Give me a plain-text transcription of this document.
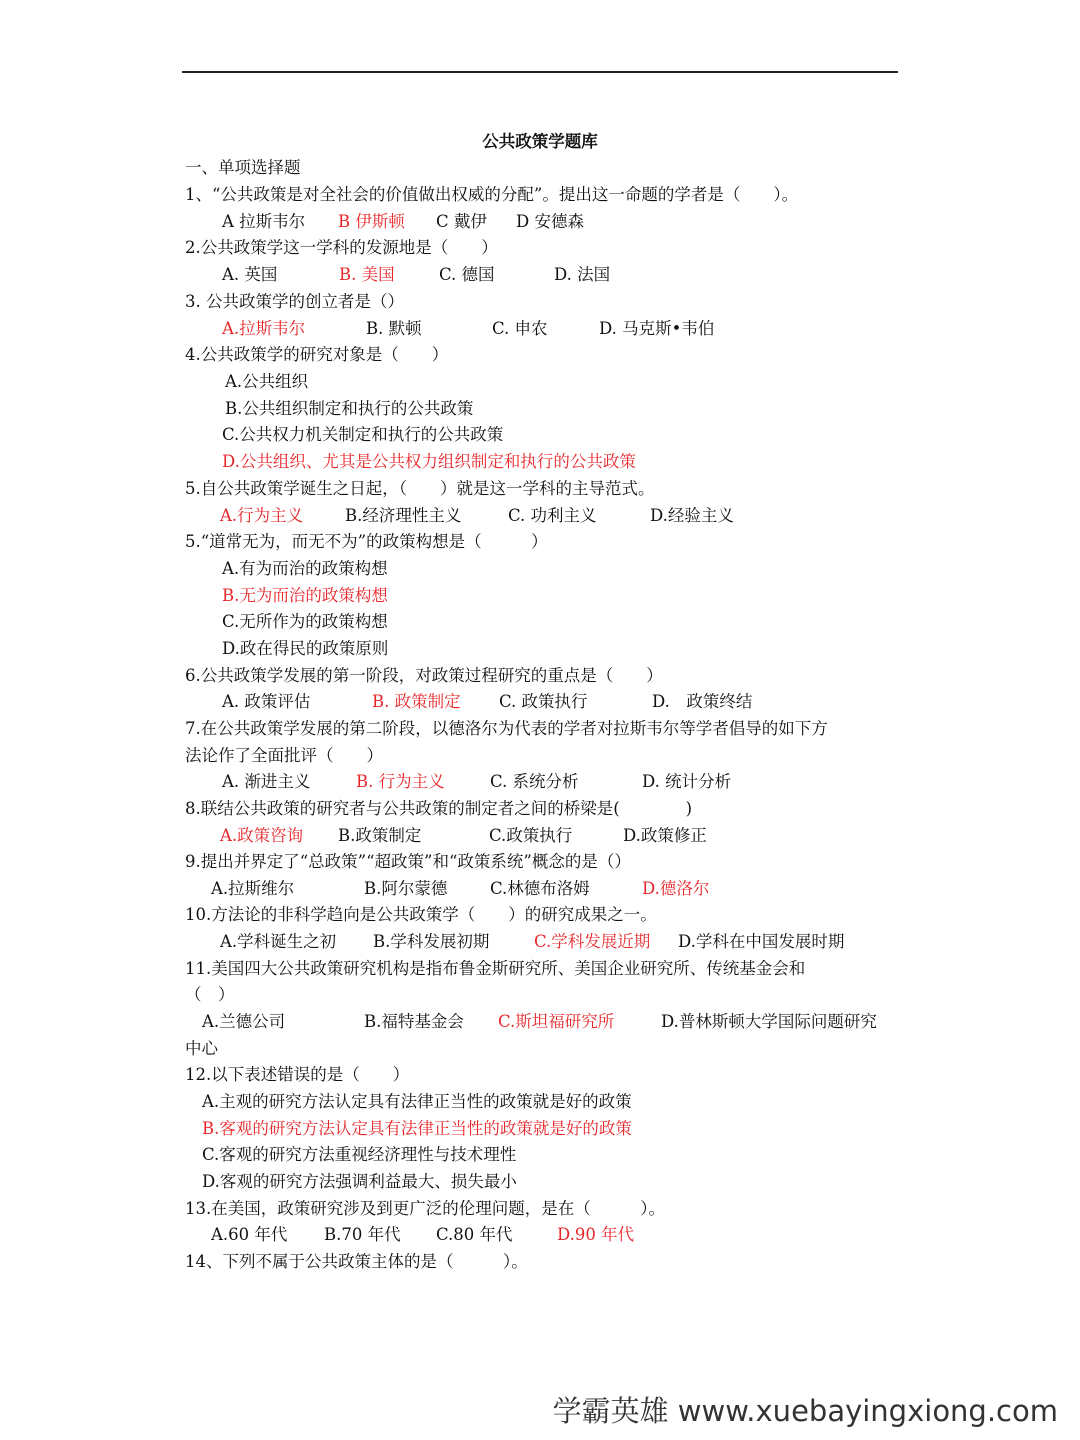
公共政策学题库
一、单项选择题
1、“公共政策是对全社会的价值做出权威的分配”。提出这一命题的学者是（　　）。
A 拉斯韦尔 B 伊斯顿 C 戴伊 D 安德森
2.公共政策学这一学科的发源地是（　　）
A. 英国	B. 美国	C. 德国	D. 法国
3. 公共政策学的创立者是（）
A.拉斯韦尔	B. 默顿	C. 申农	D. 马克斯•韦伯
4.公共政策学的研究对象是（　　）
A.公共组织
B.公共组织制定和执行的公共政策
C.公共权力机关制定和执行的公共政策
D.公共组织、尤其是公共权力组织制定和执行的公共政策
5.自公共政策学诞生之日起，（　　）就是这一学科的主导范式。
A.行为主义	B.经济理性主义	C. 功利主义	D.经验主义
5.“道常无为，而无不为”的政策构想是（　　　）
A.有为而治的政策构想
B.无为而治的政策构想
C.无所作为的政策构想
D.政在得民的政策原则
6.公共政策学发展的第一阶段，对政策过程研究的重点是（　　）
A. 政策评估	B. 政策制定 C. 政策执行	D.　政策终结
7.在公共政策学发展的第二阶段，以德洛尔为代表的学者对拉斯韦尔等学者倡导的如下方
法论作了全面批评（　　）
A. 渐进主义	B. 行为主义	C. 系统分析	D. 统计分析
8.联结公共政策的研究者与公共政策的制定者之间的桥梁是(　　　　)
A.政策咨询 B.政策制定	C.政策执行	D.政策修正
9.提出并界定了“总政策”“超政策”和“政策系统”概念的是（）
A.拉斯维尔	B.阿尔蒙德	C.林德布洛姆	D.德洛尔
10.方法论的非科学趋向是公共政策学（　　）的研究成果之一。
A.学科诞生之初 B.学科发展初期	C.学科发展近期 D.学科在中国发展时期
11.美国四大公共政策研究机构是指布鲁金斯研究所、美国企业研究所、传统基金会和
（　）
A.兰德公司	B.福特基金会 C.斯坦福研究所	D.普林斯顿大学国际问题研究
中心
12.以下表述错误的是（　　）
A.主观的研究方法认定具有法律正当性的政策就是好的政策
B.客观的研究方法认定具有法律正当性的政策就是好的政策
C.客观的研究方法重视经济理性与技术理性
D.客观的研究方法强调利益最大、损失最小
13.在美国，政策研究涉及到更广泛的伦理问题，是在（　　　）。
A.60 年代 B.70 年代 C.80 年代	D.90 年代
14、下列不属于公共政策主体的是（　　　）。
学霸英雄 www.xuebayingxiong.com
